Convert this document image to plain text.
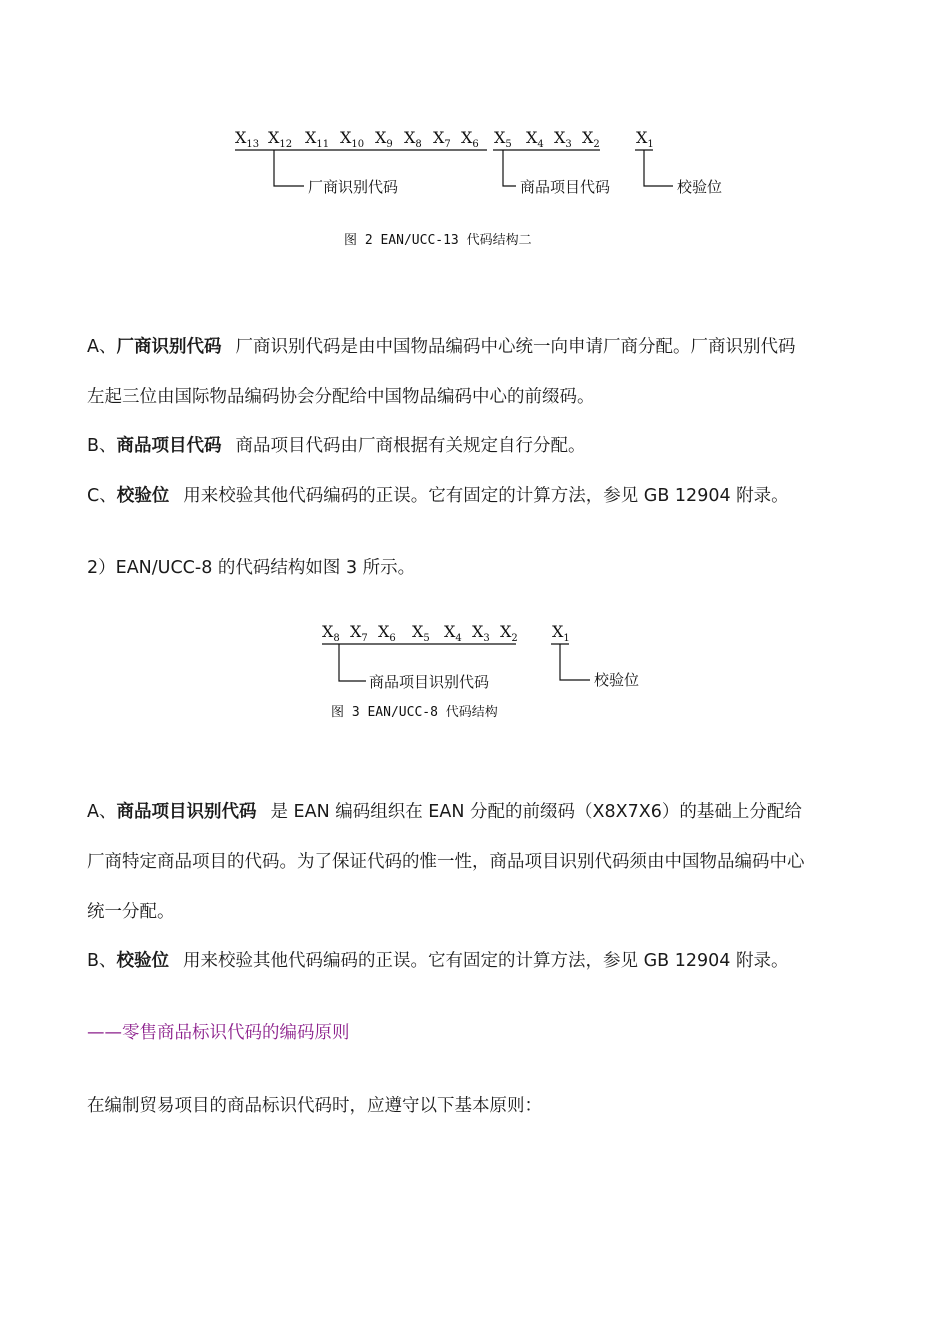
$X_{13}$ $X_{12}$ $X_{11}$ $X_{10}$ $X_9$ $X_8$ $X_7$ $X_6$ $X_5$ $X_4$ $X_3$ $X_2$ $X_1$
厂商识别代码	商品项目代码	校验位
图 2 EAN/UCC-13 代码结构二
$X_8$ $X_7$ $X_6$ $X_5$ $X_4$ $X_3$ $X_2$ $X_1$
商品项目识别代码	校验位
图 3 EAN/UCC-8 代码结构
A、厂商识别代码 厂商识别代码是由中国物品编码中心统一向申请厂商分配。厂商识别代码
左起三位由国际物品编码协会分配给中国物品编码中心的前缀码。
B、商品项目代码 商品项目代码由厂商根据有关规定自行分配。
C、校验位 用来校验其他代码编码的正误。它有固定的计算方法，参见 GB 12904 附录。
2）EAN/UCC-8 的代码结构如图 3 所示。
A、商品项目识别代码 是 EAN 编码组织在 EAN 分配的前缀码（X8X7X6）的基础上分配给
厂商特定商品项目的代码。为了保证代码的惟一性，商品项目识别代码须由中国物品编码中心
统一分配。
B、校验位 用来校验其他代码编码的正误。它有固定的计算方法，参见 GB 12904 附录。
——零售商品标识代码的编码原则
在编制贸易项目的商品标识代码时，应遵守以下基本原则：
